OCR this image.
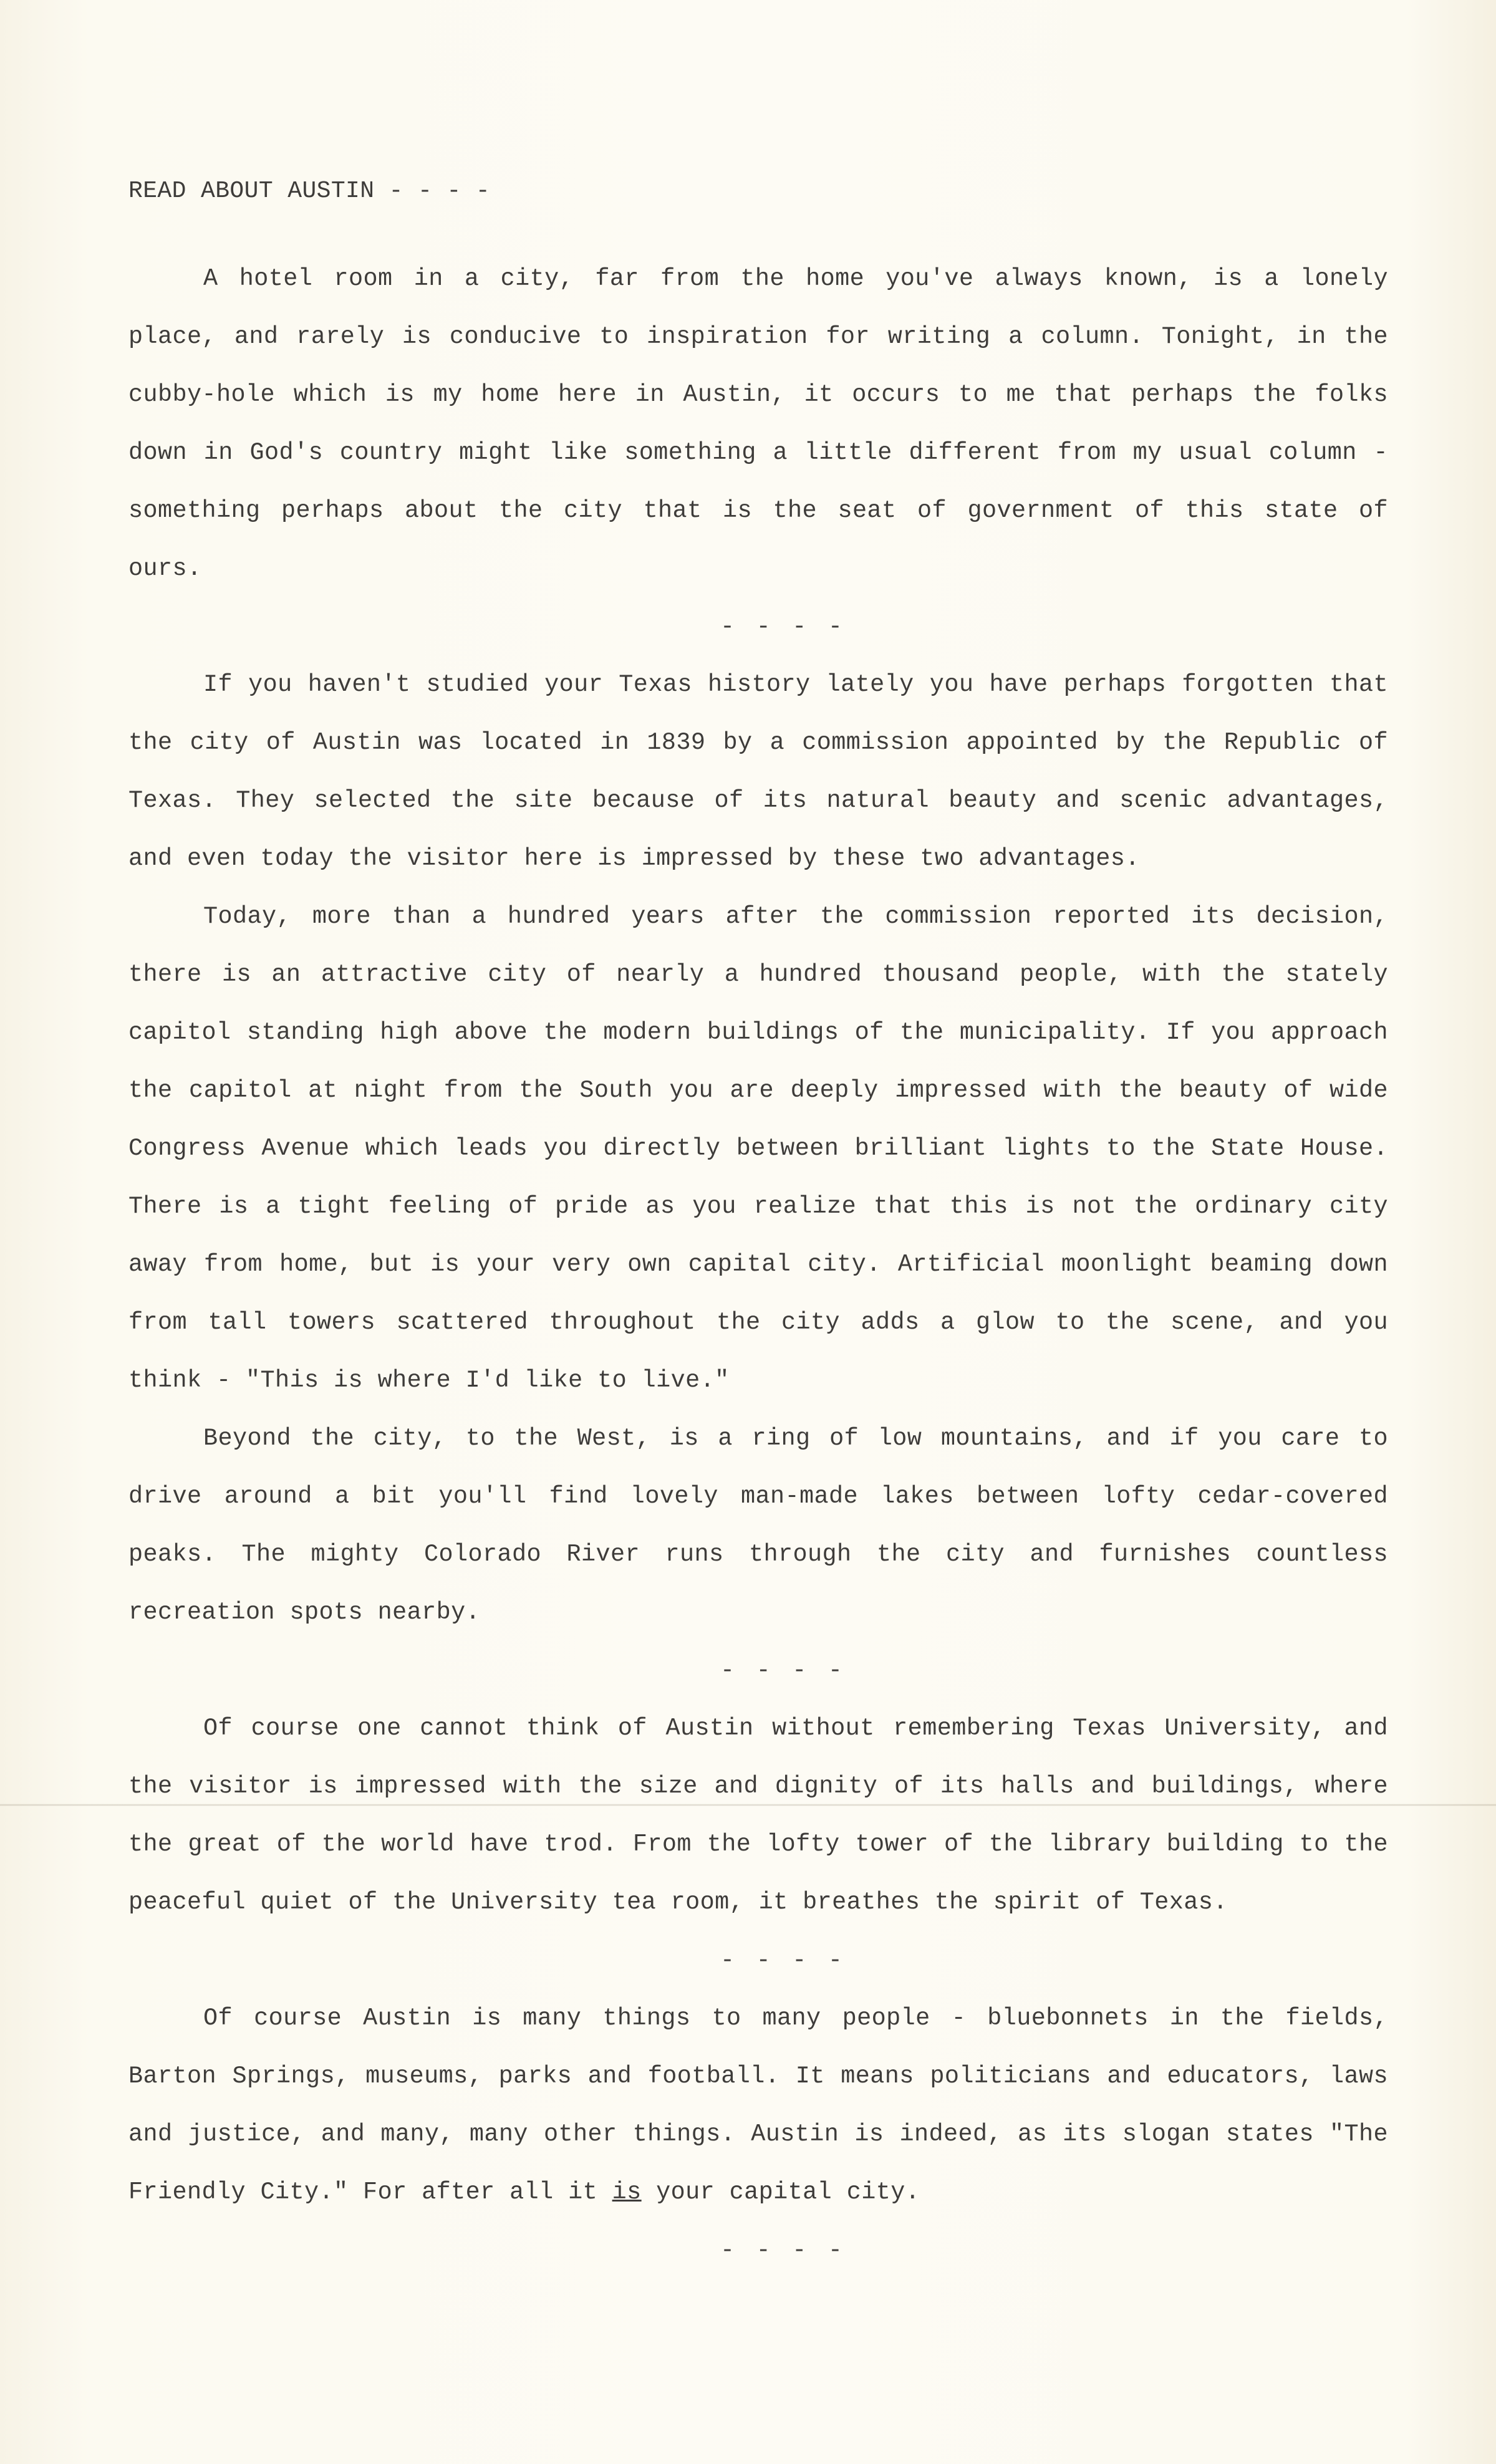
READ ABOUT AUSTIN - - - -

A hotel room in a city, far from the home you've always known, is a lonely place, and rarely is conducive to inspiration for writing a column. Tonight, in the cubby-hole which is my home here in Austin, it occurs to me that perhaps the folks down in God's country might like something a little different from my usual column - something perhaps about the city that is the seat of government of this state of ours.

- - - -

If you haven't studied your Texas history lately you have perhaps forgotten that the city of Austin was located in 1839 by a commission appointed by the Republic of Texas. They selected the site because of its natural beauty and scenic advantages, and even today the visitor here is impressed by these two advantages.

Today, more than a hundred years after the commission reported its decision, there is an attractive city of nearly a hundred thousand people, with the stately capitol standing high above the modern buildings of the municipality. If you approach the capitol at night from the South you are deeply impressed with the beauty of wide Congress Avenue which leads you directly between brilliant lights to the State House. There is a tight feeling of pride as you realize that this is not the ordinary city away from home, but is your very own capital city. Artificial moonlight beaming down from tall towers scattered throughout the city adds a glow to the scene, and you think - "This is where I'd like to live."

Beyond the city, to the West, is a ring of low mountains, and if you care to drive around a bit you'll find lovely man-made lakes between lofty cedar-covered peaks. The mighty Colorado River runs through the city and furnishes countless recreation spots nearby.

- - - -

Of course one cannot think of Austin without remembering Texas University, and the visitor is impressed with the size and dignity of its halls and buildings, where the great of the world have trod. From the lofty tower of the library building to the peaceful quiet of the University tea room, it breathes the spirit of Texas.

- - - -

Of course Austin is many things to many people - bluebonnets in the fields, Barton Springs, museums, parks and football. It means politicians and educators, laws and justice, and many, many other things. Austin is indeed, as its slogan states "The Friendly City." For after all it is your capital city.

- - - -
